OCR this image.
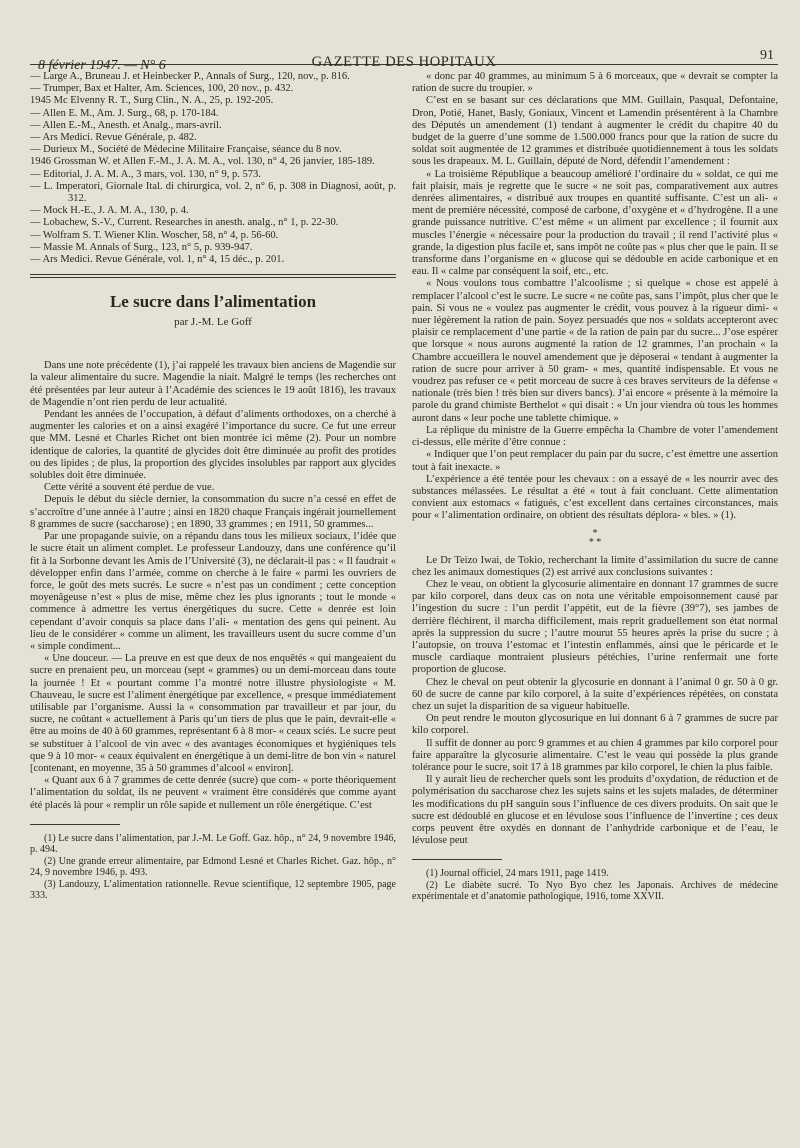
8 février 1947. — N° 6	GAZETTE DES HOPITAUX	91

— Large A., Bruneau J. et Heinbecker P., Annals of Surg., 120, nov., p. 816.

— Trumper, Bax et Halter, Am. Sciences, 100, 20 nov., p. 432.

1945 Mc Elvenny R. T., Surg Clin., N. A., 25, p. 192-205.

— Allen E. M., Am. J. Surg., 68, p. 170-184.

— Allen E.-M., Anesth. et Analg., mars-avril.

— Ars Medici. Revue Générale, p. 482.

— Durieux M., Société de Médecine Militaire Française, séance du 8 nov.

1946 Grossman W. et Allen F.-M., J. A. M. A., vol. 130, n° 4, 26 janvier, 185-189.

— Editorial, J. A. M. A., 3 mars, vol. 130, n° 9, p. 573.

— L. Imperatori, Giornale Ital. di chirurgica, vol. 2, n° 6, p. 308 in Diagnosi, août, p. 312.

— Mock H.-E., J. A. M. A., 130, p. 4.

— Lobachew, S.-V., Current. Researches in anesth. analg., n° 1, p. 22-30.

— Wolfram S. T. Wiener Klin. Woscher, 58, n° 4, p. 56-60.

— Massie M. Annals of Surg., 123, n° 5, p. 939-947.

— Ars Medici. Revue Générale, vol. 1, n° 4, 15 déc., p. 201.

Le sucre dans l’alimentation
par J.-M. Le Goff

Dans une note précédente (1), j’ai rappelé les travaux bien anciens de Magendie sur la valeur alimentaire du sucre. Magendie la niait. Malgré le temps (les recherches ont été présentées par leur auteur à l’Académie des sciences le 19 août 1816), les travaux de Magendie n’ont rien perdu de leur actualité.

Pendant les années de l’occupation, à défaut d’aliments orthodoxes, on a cherché à augmenter les calories et on a ainsi exagéré l’importance du sucre. Ce fut une erreur que MM. Lesné et Charles Richet ont bien montrée ici même (2). Pour un nombre identique de calories, la quantité de glycides doit être diminuée au profit des protides ou des lipides ; de plus, la proportion des glycides insolubles par rapport aux glycides solubles doit être diminuée.

Cette vérité a souvent été perdue de vue.

Depuis le début du siècle dernier, la consommation du sucre n’a cessé en effet de s’accroître d’une année à l’autre ; ainsi en 1820 chaque Français ingérait journellement 8 grammes de sucre (saccharose) ; en 1890, 33 grammes ; en 1911, 50 grammes...

Par une propagande suivie, on a répandu dans tous les milieux sociaux, l’idée que le sucre était un aliment complet. Le professeur Landouzy, dans une conférence qu’il fit à la Sorbonne devant les Amis de l’Université (3), ne déclarait-il pas : « Il faudrait « développer enfin dans l’armée, comme on cherche à le faire « parmi les ouvriers de force, le goût des mets sucrés. Le sucre « n’est pas un condiment ; cette conception moyenâgeuse n’est « plus de mise, même chez les plus ignorants ; tout le monde « commence à admettre les vertus énergétiques du sucre. Cette « denrée est loin cependant d’avoir conquis sa place dans l’ali- « mentation des gens qui peinent. Au lieu de le considérer « comme un aliment, les travailleurs usent du sucre comme d’un « simple condiment...

« Une douceur. — La preuve en est que deux de nos enquêtés « qui mangeaient du sucre en prenaient peu, un morceau (sept « grammes) ou un demi-morceau dans toute la journée ! Et « pourtant comme l’a montré notre illustre physiologiste « M. Chauveau, le sucre est l’aliment énergétique par excellence, « presque immédiatement utilisable par l’organisme. Aussi la « consommation par travailleur et par jour, du sucre, ne coûtant « actuellement à Paris qu’un tiers de plus que le pain, devrait-elle « être au moins de 40 à 60 grammes, représentant 6 à 8 mor- « ceaux sciés. Le sucre peut se substituer à l’alcool de vin avec « des avantages économiques et hygiéniques tels que 9 à 10 mor- « ceaux équivalent en énergétique à un demi-litre de bon vin « naturel [contenant, en moyenne, 35 à 50 grammes d’alcool « environ].

« Quant aux 6 à 7 grammes de cette denrée (sucre) que com- « porte théoriquement l’alimentation du soldat, ils ne peuvent « vraiment être considérés que comme ayant été placés là pour « remplir un rôle sapide et nullement un rôle énergétique. C’est

(1) Le sucre dans l’alimentation, par J.-M. Le Goff. Gaz. hôp., n° 24, 9 novembre 1946, p. 494.

(2) Une grande erreur alimentaire, par Edmond Lesné et Charles Richet. Gaz. hôp., n° 24, 9 novembre 1946, p. 493.

(3) Landouzy, L’alimentation rationnelle. Revue scientifique, 12 septembre 1905, page 333.

« donc par 40 grammes, au minimum 5 à 6 morceaux, que « devrait se compter la ration de sucre du troupier. »

C’est en se basant sur ces déclarations que MM. Guillain, Pasqual, Defontaine, Dron, Potié, Hanet, Basly, Goniaux, Vincent et Lamendin présentèrent à la Chambre des Députés un amendement (1) tendant à augmenter le crédit du chapitre 40 du budget de la guerre d’une somme de 1.500.000 francs pour que la ration de sucre du soldat soit augmentée de 12 grammes et distribuée quotidiennement à tous les soldats sous les drapeaux. M. L. Guillain, député de Nord, défendit l’amendement :

« La troisième République a beaucoup amélioré l’ordinaire du « soldat, ce qui me fait plaisir, mais je regrette que le sucre « ne soit pas, comparativement aux autres denrées alimentaires, « distribué aux troupes en quantité suffisante. C’est un ali- « ment de première nécessité, composé de carbone, d’oxygène et « d’hydrogène. Il a une grande puissance nutritive. C’est même « un aliment par excellence ; il fournit aux muscles l’énergie « nécessaire pour la production du travail ; il rend l’activité plus « grande, la digestion plus facile et, sans impôt ne coûte pas « plus cher que le pain. Il se transforme dans l’organisme en « glucose qui se dédouble en acide carbonique et en eau. Il « calme par conséquent la soif, etc., etc.

« Nous voulons tous combattre l’alcoolisme ; si quelque « chose est appelé à remplacer l’alcool c’est le sucre. Le sucre « ne coûte pas, sans l’impôt, plus cher que le pain. Si vous ne « voulez pas augmenter le crédit, vous pouvez à la rigueur dimi- « nuer légèrement la ration de pain. Soyez persuadés que nos « soldats accepteront avec plaisir ce remplacement d’une partie « de la ration de pain par du sucre... J’ose espérer que lorsque « nous aurons augmenté la ration de 12 grammes, l’an prochain « la Chambre accueillera le nouvel amendement que je déposerai « tendant à augmenter la ration de sucre pour arriver à 50 gram- « mes, quantité indispensable. Et vous ne voudrez pas refuser ce « petit morceau de sucre à ces braves serviteurs de la défense « nationale (très bien ! très bien sur divers bancs). J’ai encore « présente à la mémoire la parole du grand chimiste Berthelot « qui disait : « Un jour viendra où tous les hommes auront dans « leur poche une tablette chimique. »

La réplique du ministre de la Guerre empêcha la Chambre de voter l’amendement ci-dessus, elle mérite d’être connue :

« Indiquer que l’on peut remplacer du pain par du sucre, c’est émettre une assertion tout à fait inexacte. »

L’expérience a été tentée pour les chevaux : on a essayé de « les nourrir avec des substances mélassées. Le résultat a été « tout à fait concluant. Cette alimentation convient aux estomacs « fatigués, c’est excellent dans certaines circonstances, mais pour « l’alimentation ordinaire, on obtient des résultats déplora- « bles. » (1).

*
* *

Le Dr Teizo Iwai, de Tokio, recherchant la limite d’assimilation du sucre de canne chez les animaux domestiques (2) est arrivé aux conclusions suivantes :

Chez le veau, on obtient la glycosurie alimentaire en donnant 17 grammes de sucre par kilo corporel, dans deux cas on nota une véritable empoisonnement causé par l’ingestion du sucre : l’un perdit l’appétit, eut de la fièvre (39°7), ses jambes de derrière fléchirent, il marcha difficilement, mais reprit graduellement son état normal après la suppression du sucre ; l’autre mourut 55 heures après la prise du sucre ; à l’autopsie, on trouva l’estomac et l’intestin enflammés, ainsi que le péricarde et le muscle cardiaque montraient plusieurs pétéchies, l’urine renfermait une forte proportion de glucose.

Chez le cheval on peut obtenir la glycosurie en donnant à l’animal 0 gr. 50 à 0 gr. 60 de sucre de canne par kilo corporel, à la suite d’expériences répétées, on constata chez un sujet la disparition de sa vigueur habituelle.

On peut rendre le mouton glycosurique en lui donnant 6 à 7 grammes de sucre par kilo corporel.

Il suffit de donner au porc 9 grammes et au chien 4 grammes par kilo corporel pour faire apparaître la glycosurie alimentaire. C’est le veau qui possède la plus grande tolérance pour le sucre, soit 17 à 18 grammes par kilo corporel, le chien la plus faible.

Il y aurait lieu de rechercher quels sont les produits d’oxydation, de réduction et de polymérisation du saccharose chez les sujets sains et les sujets malades, de déterminer les modifications du pH sanguin sous l’influence de ces divers produits. On sait que le sucre est dédoublé en glucose et en lévulose sous l’influence de l’invertine ; ces deux corps peuvent être oxydés en donnant de l’anhydride carbonique et de l’eau, le lévulose peut

(1) Journal officiel, 24 mars 1911, page 1419.

(2) Le diabète sucré. To Nyo Byo chez les Japonais. Archives de médecine expérimentale et d’anatomie pathologique, 1916, tome XXVII.
